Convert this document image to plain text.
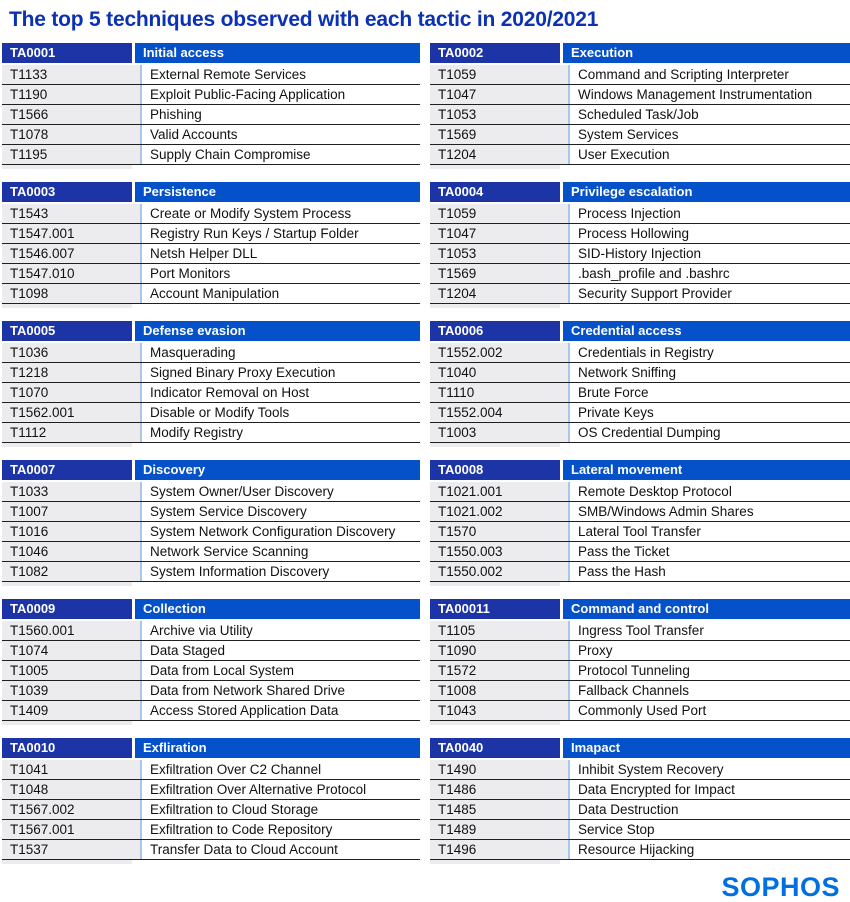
The top 5 techniques observed with each tactic in 2020/2021
TA0001	Initial access
T1133	External Remote Services
T1190	Exploit Public-Facing Application
T1566	Phishing
T1078	Valid Accounts
T1195	Supply Chain Compromise
TA0002	Execution
T1059	Command and Scripting Interpreter
T1047	Windows Management Instrumentation
T1053	Scheduled Task/Job
T1569	System Services
T1204	User Execution
TA0003	Persistence
T1543	Create or Modify System Process
T1547.001	Registry Run Keys / Startup Folder
T1546.007	Netsh Helper DLL
T1547.010	Port Monitors
T1098	Account Manipulation
TA0004	Privilege escalation
T1059	Process Injection
T1047	Process Hollowing
T1053	SID-History Injection
T1569	.bash_profile and .bashrc
T1204	Security Support Provider
TA0005	Defense evasion
T1036	Masquerading
T1218	Signed Binary Proxy Execution
T1070	Indicator Removal on Host
T1562.001	Disable or Modify Tools
T1112	Modify Registry
TA0006	Credential access
T1552.002	Credentials in Registry
T1040	Network Sniffing
T1110	Brute Force
T1552.004	Private Keys
T1003	OS Credential Dumping
TA0007	Discovery
T1033	System Owner/User Discovery
T1007	System Service Discovery
T1016	System Network Configuration Discovery
T1046	Network Service Scanning
T1082	System Information Discovery
TA0008	Lateral movement
T1021.001	Remote Desktop Protocol
T1021.002	SMB/Windows Admin Shares
T1570	Lateral Tool Transfer
T1550.003	Pass the Ticket
T1550.002	Pass the Hash
TA0009	Collection
T1560.001	Archive via Utility
T1074	Data Staged
T1005	Data from Local System
T1039	Data from Network Shared Drive
T1409	Access Stored Application Data
TA00011	Command and control
T1105	Ingress Tool Transfer
T1090	Proxy
T1572	Protocol Tunneling
T1008	Fallback Channels
T1043	Commonly Used Port
TA0010	Exfliration
T1041	Exfiltration Over C2 Channel
T1048	Exfiltration Over Alternative Protocol
T1567.002	Exfiltration to Cloud Storage
T1567.001	Exfiltration to Code Repository
T1537	Transfer Data to Cloud Account
TA0040	Imapact
T1490	Inhibit System Recovery
T1486	Data Encrypted for Impact
T1485	Data Destruction
T1489	Service Stop
T1496	Resource Hijacking
SOPHOS
